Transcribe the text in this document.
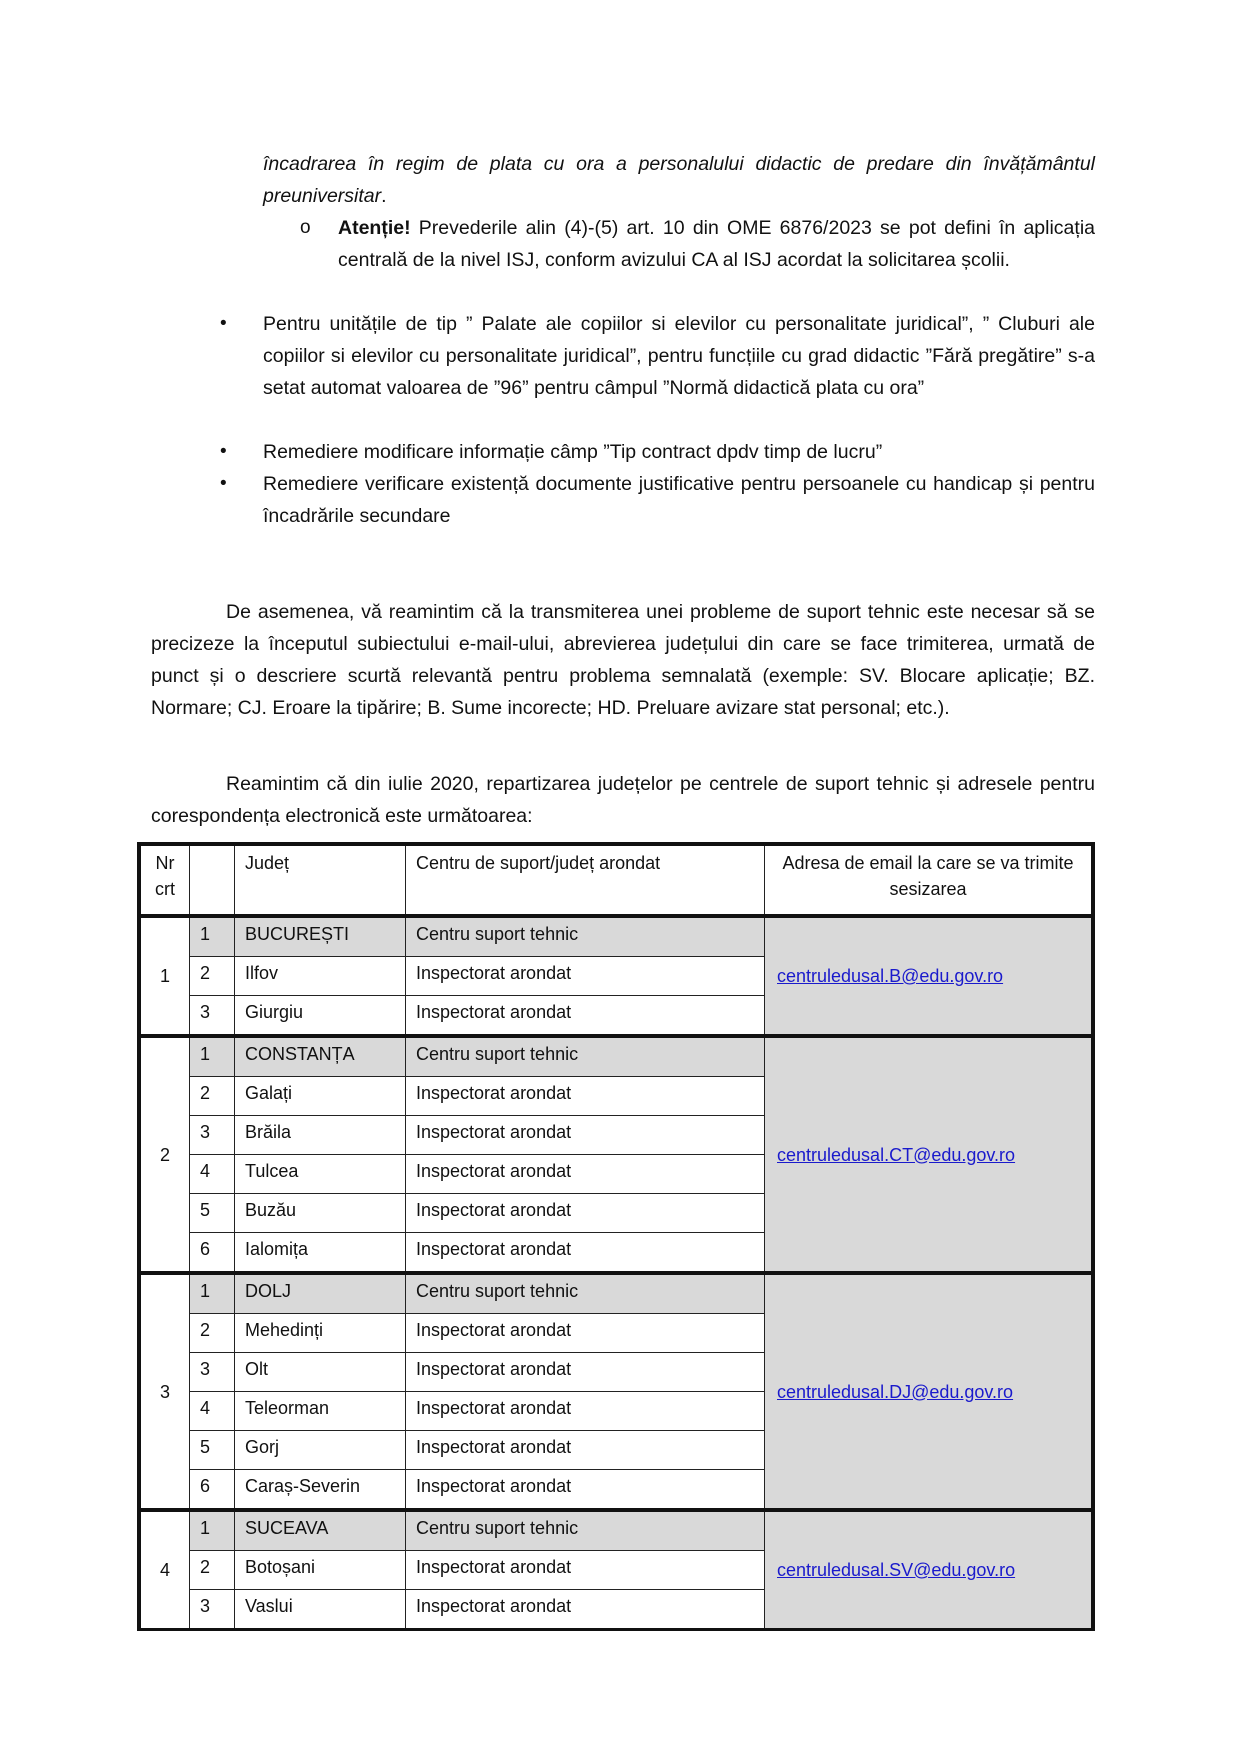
încadrarea în regim de plata cu ora a personalului didactic de predare din învățământul preuniversitar.
o	Atenție! Prevederile alin (4)-(5) art. 10 din OME 6876/2023 se pot defini în aplicația centrală de la nivel ISJ, conform avizului CA al ISJ acordat la solicitarea școlii.
•	Pentru unitățile de tip ” Palate ale copiilor si elevilor cu personalitate juridical”, ” Cluburi ale copiilor si elevilor cu personalitate juridical”, pentru funcțiile cu grad didactic ”Fără pregătire” s-a setat automat valoarea de ”96” pentru câmpul ”Normă didactică plata cu ora”
•	Remediere modificare informație câmp ”Tip contract dpdv timp de lucru”
•	Remediere verificare existență documente justificative pentru persoanele cu handicap și pentru încadrările secundare
De asemenea, vă reamintim că la transmiterea unei probleme de suport tehnic este necesar să se precizeze la începutul subiectului e-mail-ului, abrevierea județului din care se face trimiterea, urmată de punct și o descriere scurtă relevantă pentru problema semnalată (exemple: SV. Blocare aplicație; BZ. Normare; CJ. Eroare la tipărire; B. Sume incorecte; HD. Preluare avizare stat personal; etc.).
Reamintim că din iulie 2020, repartizarea județelor pe centrele de suport tehnic și adresele pentru corespondența electronică este următoarea:
Nr crt		Județ	Centru de suport/județ arondat	Adresa de email la care se va trimite sesizarea
1	1	BUCUREȘTI	Centru suport tehnic	centruledusal.B@edu.gov.ro
	2	Ilfov	Inspectorat arondat	
	3	Giurgiu	Inspectorat arondat	
2	1	CONSTANȚA	Centru suport tehnic	centruledusal.CT@edu.gov.ro
	2	Galați	Inspectorat arondat	
	3	Brăila	Inspectorat arondat	
	4	Tulcea	Inspectorat arondat	
	5	Buzău	Inspectorat arondat	
	6	Ialomița	Inspectorat arondat	
3	1	DOLJ	Centru suport tehnic	centruledusal.DJ@edu.gov.ro
	2	Mehedinți	Inspectorat arondat	
	3	Olt	Inspectorat arondat	
	4	Teleorman	Inspectorat arondat	
	5	Gorj	Inspectorat arondat	
	6	Caraș-Severin	Inspectorat arondat	
4	1	SUCEAVA	Centru suport tehnic	centruledusal.SV@edu.gov.ro
	2	Botoșani	Inspectorat arondat	
	3	Vaslui	Inspectorat arondat	
